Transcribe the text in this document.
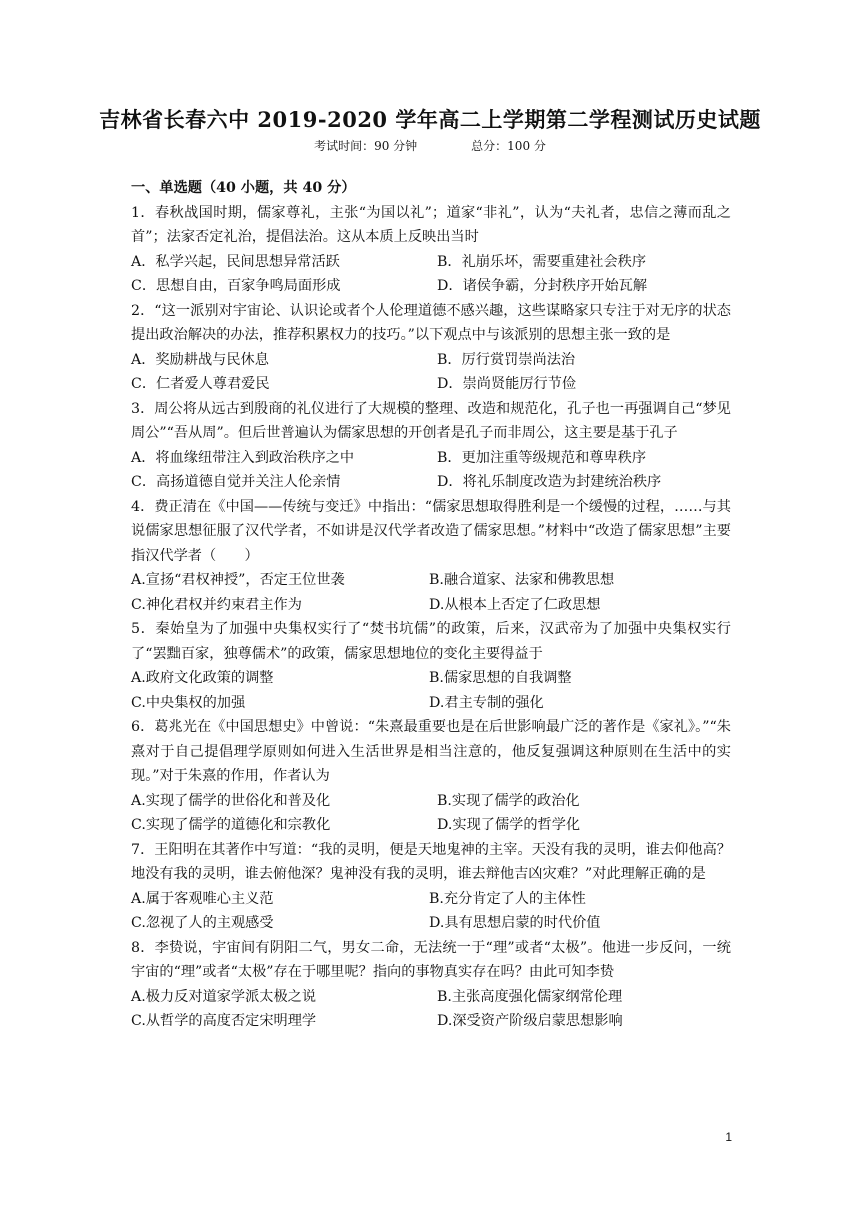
吉林省长春六中 2019-2020 学年高二上学期第二学程测试历史试题
考试时间：90 分钟	总分：100 分
一、单选题（40 小题，共 40 分）
1．春秋战国时期，儒家尊礼，主张“为国以礼”；道家“非礼”，认为“夫礼者，忠信之薄而乱之首”；法家否定礼治，提倡法治。这从本质上反映出当时
A．私学兴起，民间思想异常活跃	B．礼崩乐坏，需要重建社会秩序
C．思想自由，百家争鸣局面形成	D．诸侯争霸，分封秩序开始瓦解
2．“这一派别对宇宙论、认识论或者个人伦理道德不感兴趣，这些谋略家只专注于对无序的状态提出政治解决的办法，推荐积累权力的技巧。”以下观点中与该派别的思想主张一致的是
A．奖励耕战与民休息	B．厉行赏罚崇尚法治
C．仁者爱人尊君爱民	D．崇尚贤能厉行节俭
3．周公将从远古到殷商的礼仪进行了大规模的整理、改造和规范化，孔子也一再强调自己“梦见周公”“吾从周”。但后世普遍认为儒家思想的开创者是孔子而非周公，这主要是基于孔子
A．将血缘纽带注入到政治秩序之中	B．更加注重等级规范和尊卑秩序
C．高扬道德自觉并关注人伦亲情	D．将礼乐制度改造为封建统治秩序
4．费正清在《中国——传统与变迁》中指出：“儒家思想取得胜利是一个缓慢的过程，……与其说儒家思想征服了汉代学者，不如讲是汉代学者改造了儒家思想。”材料中“改造了儒家思想”主要指汉代学者（　　）
A.宣扬“君权神授”，否定王位世袭	B.融合道家、法家和佛教思想
C.神化君权并约束君主作为	D.从根本上否定了仁政思想
5．秦始皇为了加强中央集权实行了“焚书坑儒”的政策，后来，汉武帝为了加强中央集权实行了“罢黜百家，独尊儒术”的政策，儒家思想地位的变化主要得益于
A.政府文化政策的调整	B.儒家思想的自我调整
C.中央集权的加强	D.君主专制的强化
6．葛兆光在《中国思想史》中曾说：“朱熹最重要也是在后世影响最广泛的著作是《家礼》。”“朱熹对于自己提倡理学原则如何进入生活世界是相当注意的，他反复强调这种原则在生活中的实现。”对于朱熹的作用，作者认为
A.实现了儒学的世俗化和普及化	B.实现了儒学的政治化
C.实现了儒学的道德化和宗教化	D.实现了儒学的哲学化
7．王阳明在其著作中写道：“我的灵明，便是天地鬼神的主宰。天没有我的灵明，谁去仰他高？地没有我的灵明，谁去俯他深？鬼神没有我的灵明，谁去辩他吉凶灾难？”对此理解正确的是
A.属于客观唯心主义范	B.充分肯定了人的主体性
C.忽视了人的主观感受	D.具有思想启蒙的时代价值
8．李贽说，宇宙间有阴阳二气，男女二命，无法统一于“理”或者“太极”。他进一步反问，一统宇宙的“理”或者“太极”存在于哪里呢？指向的事物真实存在吗？由此可知李贽
A.极力反对道家学派太极之说	B.主张高度强化儒家纲常伦理
C.从哲学的高度否定宋明理学	D.深受资产阶级启蒙思想影响
1
